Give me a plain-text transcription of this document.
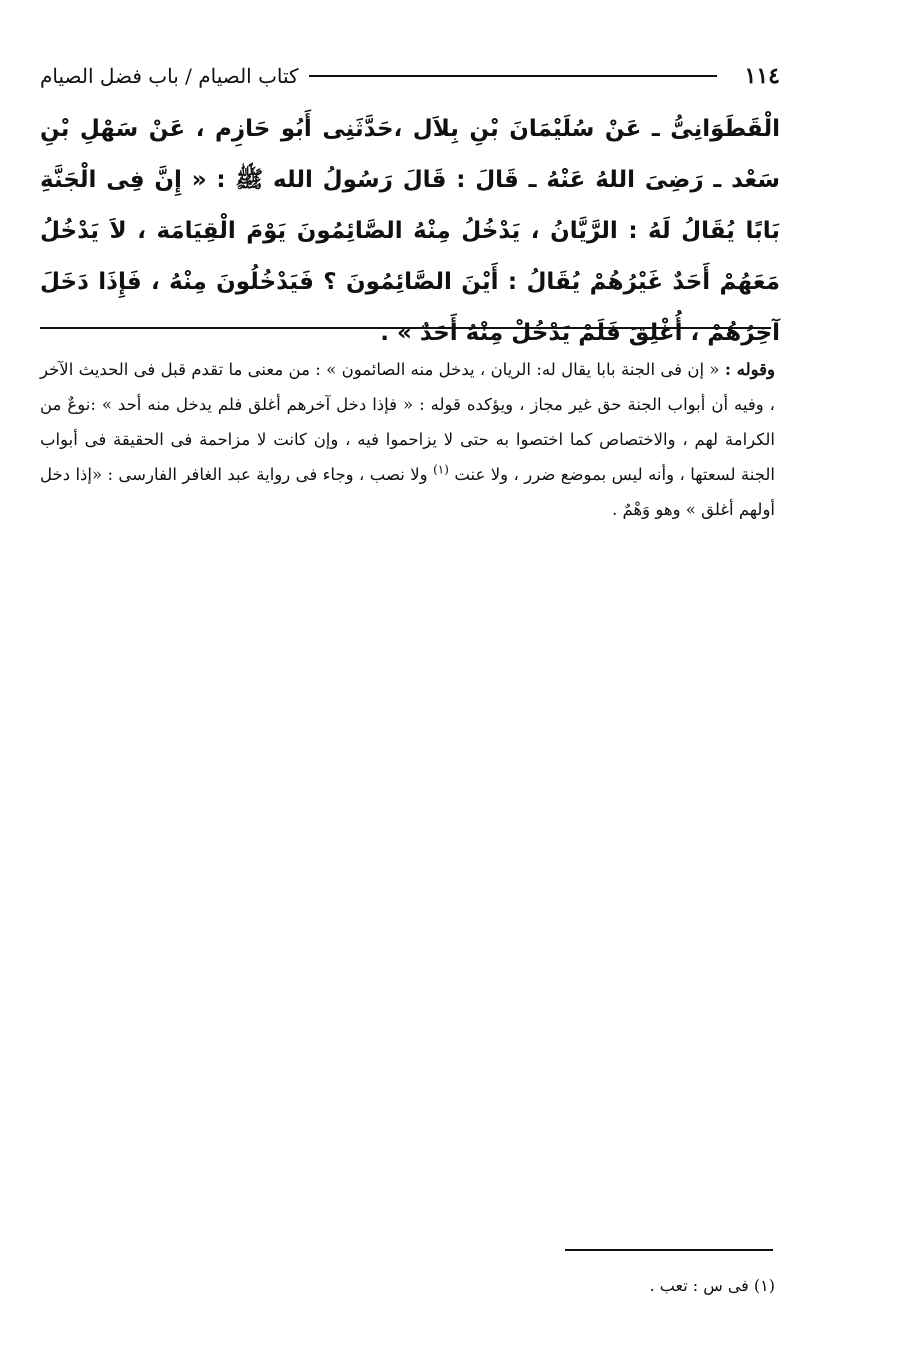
١١٤
كتاب الصيام / باب فضل الصيام

الْقَطَوَانِىُّ ـ عَنْ سُلَيْمَانَ بْنِ بِلاَل ،حَدَّثَنِى أَبُو حَازِم ، عَنْ سَهْلِ بْنِ سَعْد ـ رَضِىَ اللهُ عَنْهُ ـ قَالَ : قَالَ رَسُولُ الله ﷺ : « إِنَّ فِى الْجَنَّةِ بَابًا يُقَالُ لَهُ : الرَّيَّانُ ، يَدْخُلُ مِنْهُ الصَّائِمُونَ يَوْمَ الْقِيَامَة ، لاَ يَدْخُلُ مَعَهُمْ أَحَدٌ غَيْرُهُمْ يُقَالُ : أَيْنَ الصَّائِمُونَ ؟ فَيَدْخُلُونَ مِنْهُ ، فَإِذَا دَخَلَ آخِرُهُمْ ، أُغْلِقَ فَلَمْ يَدْخُلْ مِنْهُ أَحَدٌ » .

وقوله : « إن فى الجنة بابا يقال له: الريان ، يدخل منه الصائمون » : من معنى ما تقدم قبل فى الحديث الآخر ، وفيه أن أبواب الجنة حق غير مجاز ، ويؤكده قوله : « فإذا دخل آخرهم أغلق فلم يدخل منه أحد » :نوعٌ من الكرامة لهم ، والاختصاص كما اختصوا به حتى لا يزاحموا فيه ، وإن كانت لا مزاحمة فى الحقيقة فى أبواب الجنة لسعتها ، وأنه ليس بموضع ضرر ، ولا عنت $^{(١)}$ ولا نصب ، وجاء فى رواية عبد الغافر الفارسى : «إذا دخل أولهم أغلق » وهو وَهْمٌ .

(١) فى س : تعب .
